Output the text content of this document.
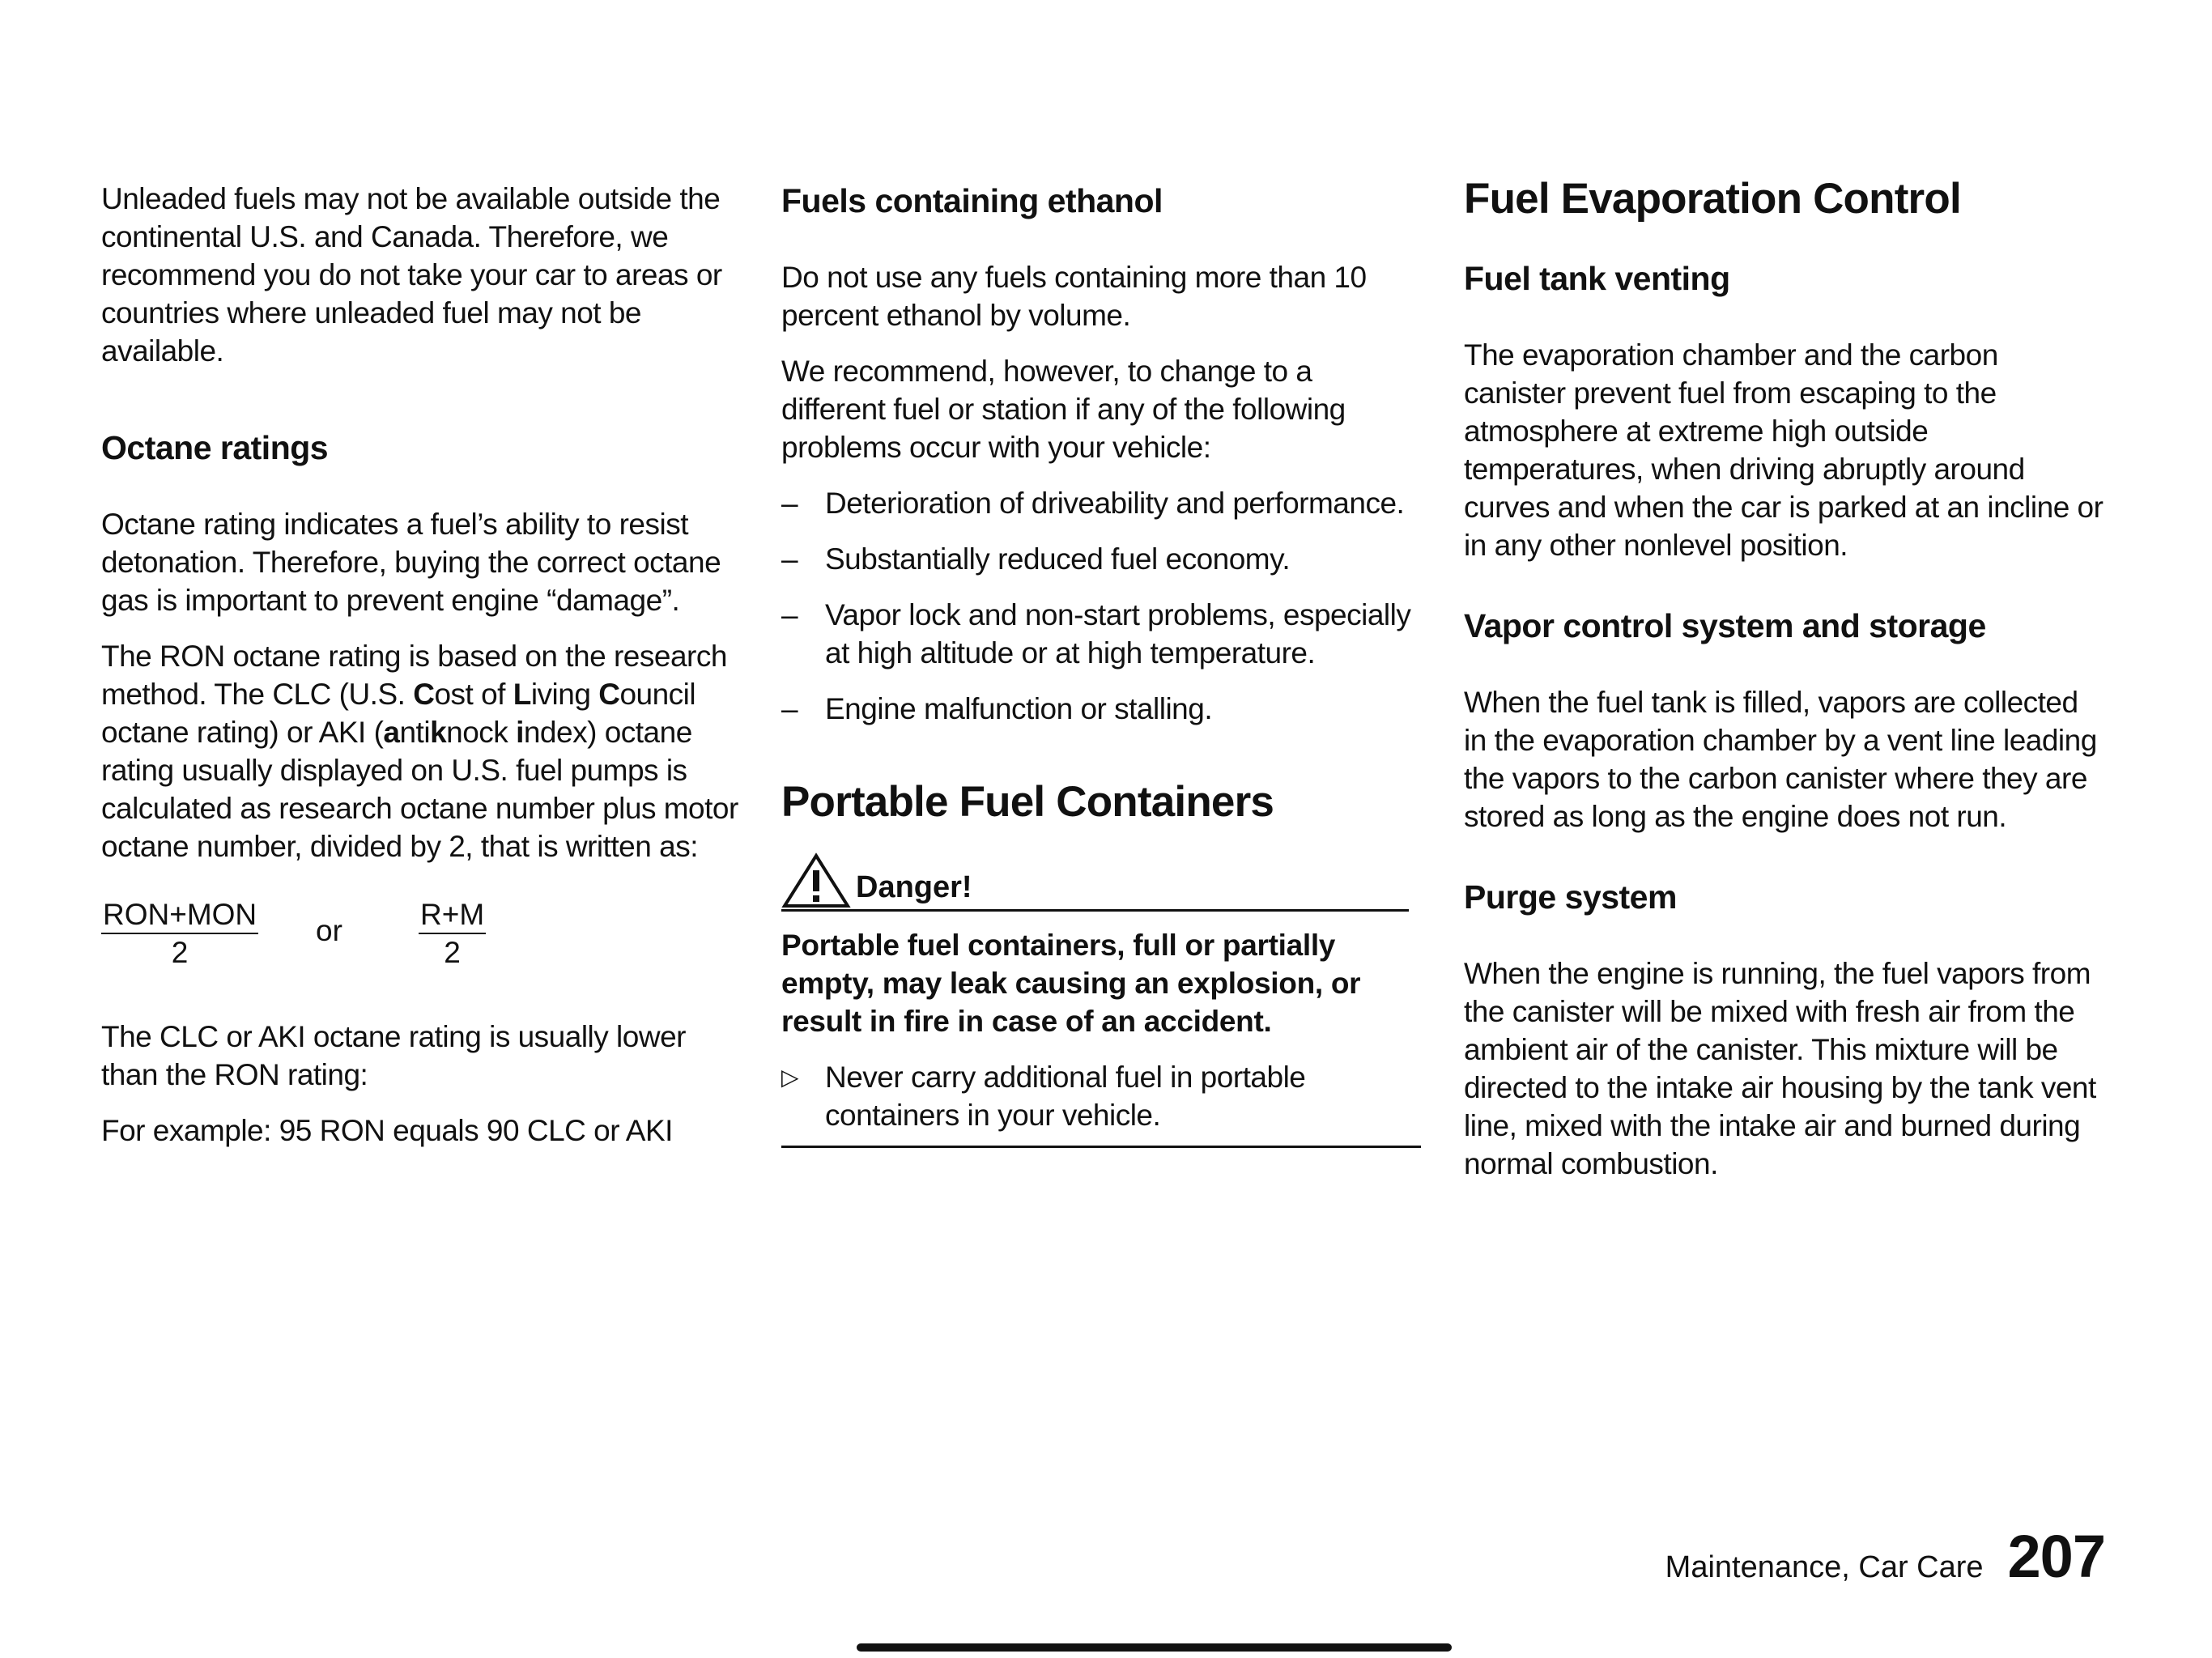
Unleaded fuels may not be available outside the continental U.S. and Canada. Therefore, we recommend you do not take your car to areas or countries where unleaded fuel may not be available.

Octane ratings

Octane rating indicates a fuel’s ability to resist detonation. Therefore, buying the correct octane gas is important to prevent engine “damage”.

The RON octane rating is based on the research method. The CLC (U.S. Cost of Living Council octane rating) or AKI (antiknock index) octane rating usually displayed on U.S. fuel pumps is calculated as research octane number plus motor octane number, divided by 2, that is written as:

RON+MON
2
or	$\frac{R+M}{2}$

The CLC or AKI octane rating is usually lower than the RON rating:

For example: 95 RON equals 90 CLC or AKI

Fuels containing ethanol

Do not use any fuels containing more than 10 percent ethanol by volume.

We recommend, however, to change to a different fuel or station if any of the following problems occur with your vehicle:

– Deterioration of driveability and performance.
– Substantially reduced fuel economy.
– Vapor lock and non-start problems, especially at high altitude or at high temperature.
– Engine malfunction or stalling.
Portable Fuel Containers
Danger!
Portable fuel containers, full or partially empty, may leak causing an explosion, or result in fire in case of an accident.
▷ Never carry additional fuel in portable containers in your vehicle.
Fuel Evaporation Control
Fuel tank venting

The evaporation chamber and the carbon canister prevent fuel from escaping to the atmosphere at extreme high outside temperatures, when driving abruptly around curves and when the car is parked at an incline or in any other nonlevel position.

Vapor control system and storage

When the fuel tank is filled, vapors are collected in the evaporation chamber by a vent line leading the vapors to the carbon canister where they are stored as long as the engine does not run.

Purge system

When the engine is running, the fuel vapors from the canister will be mixed with fresh air from the ambient air of the canister. This mixture will be directed to the intake air housing by the tank vent line, mixed with the intake air and burned during normal combustion.

Maintenance, Car Care 207
